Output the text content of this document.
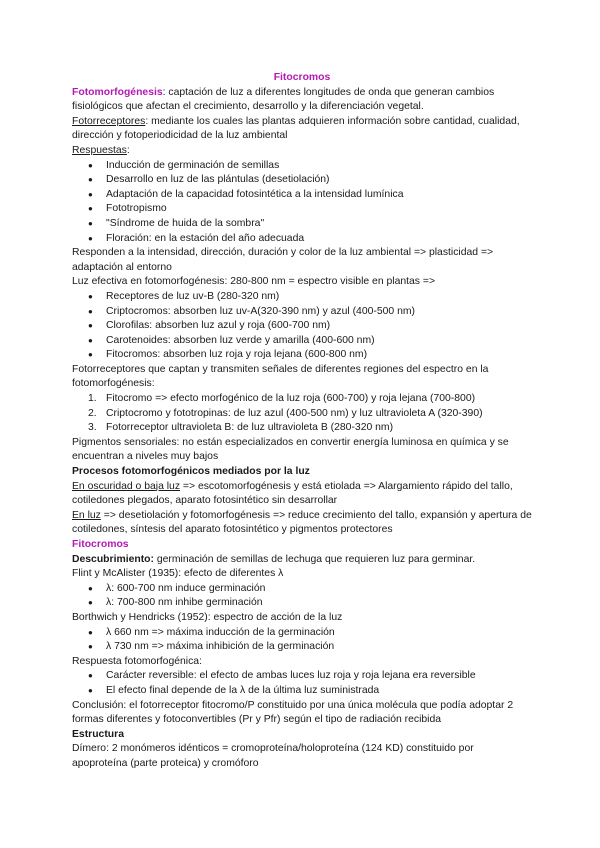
Fitocromos

Fotomorfogénesis: captación de luz a diferentes longitudes de onda que generan cambios fisiológicos que afectan el crecimiento, desarrollo y la diferenciación vegetal.

Fotorreceptores: mediante los cuales las plantas adquieren información sobre cantidad, cualidad, dirección y fotoperiodicidad de la luz ambiental

Respuestas:

● Inducción de germinación de semillas
● Desarrollo en luz de las plántulas (desetiolación)
● Adaptación de la capacidad fotosintética a la intensidad lumínica
● Fototropismo
● "Síndrome de huida de la sombra"
● Floración: en la estación del año adecuada

Responden a la intensidad, dirección, duración y color de la luz ambiental => plasticidad => adaptación al entorno

Luz efectiva en fotomorfogénesis: 280-800 nm = espectro visible en plantas =>

● Receptores de luz uv-B (280-320 nm)
● Criptocromos: absorben luz uv-A(320-390 nm) y azul (400-500 nm)
● Clorofilas: absorben luz azul y roja (600-700 nm)
● Carotenoides: absorben luz verde y amarilla (400-600 nm)
● Fitocromos: absorben luz roja y roja lejana (600-800 nm)

Fotorreceptores que captan y transmiten señales de diferentes regiones del espectro en la fotomorfogénesis:

1. Fitocromo => efecto morfogénico de la luz roja (600-700) y roja lejana (700-800)
2. Criptocromo y fototropinas: de luz azul (400-500 nm) y luz ultravioleta A (320-390)
3. Fotorreceptor ultravioleta B: de luz ultravioleta B (280-320 nm)

Pigmentos sensoriales: no están especializados en convertir energía luminosa en química y se encuentran a niveles muy bajos

Procesos fotomorfogénicos mediados por la luz

En oscuridad o baja luz => escotomorfogénesis y está etiolada => Alargamiento rápido del tallo, cotiledones plegados, aparato fotosintético sin desarrollar

En luz => desetiolación y fotomorfogénesis => reduce crecimiento del tallo, expansión y apertura de cotiledones, síntesis del aparato fotosintético y pigmentos protectores

Fitocromos

Descubrimiento: germinación de semillas de lechuga que requieren luz para germinar.

Flint y McAlister (1935): efecto de diferentes λ

● λ: 600-700 nm induce germinación
● λ: 700-800 nm inhibe germinación

Borthwich y Hendricks (1952): espectro de acción de la luz

● λ 660 nm => máxima inducción de la germinación
● λ 730 nm => máxima inhibición de la germinación

Respuesta fotomorfogénica:

● Carácter reversible: el efecto de ambas luces luz roja y roja lejana era reversible
● El efecto final depende de la λ de la última luz suministrada

Conclusión: el fotorreceptor fitocromo/P constituido por una única molécula que podía adoptar 2 formas diferentes y fotoconvertibles (Pr y Pfr) según el tipo de radiación recibida

Estructura

Dímero: 2 monómeros idénticos = cromoproteína/holoproteína (124 KD) constituido por apoproteína (parte proteica) y cromóforo
